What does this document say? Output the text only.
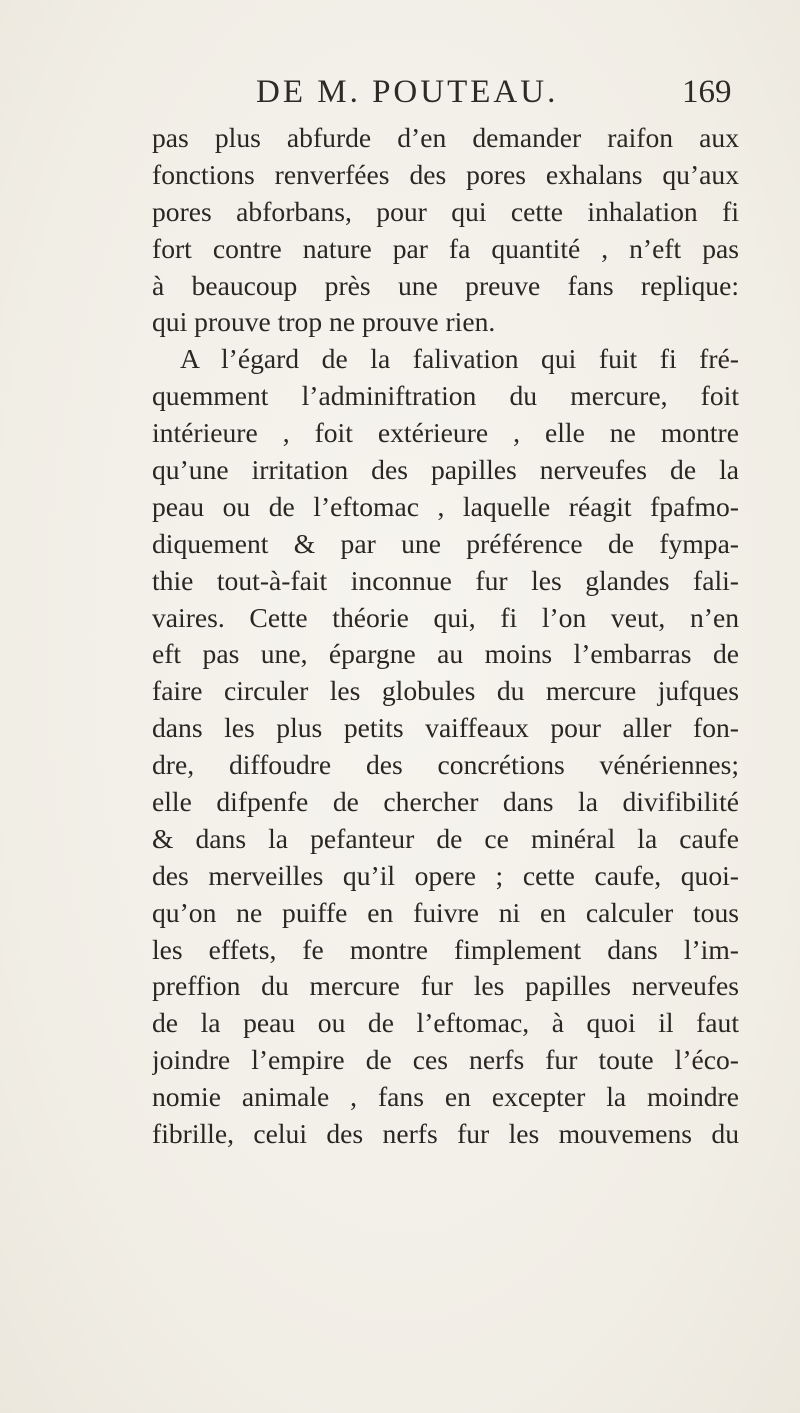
DE M. POUTEAU.	169
pas plus abfurde d’en demander raifon aux
fonctions renverfées des pores exhalans qu’aux
pores abforbans, pour qui cette inhalation fi
fort contre nature par fa quantité , n’eft pas
à beaucoup près une preuve fans replique:
qui prouve trop ne prouve rien.
A l’égard de la falivation qui fuit fi fré-
quemment l’adminiftration du mercure, foit
intérieure , foit extérieure , elle ne montre
qu’une irritation des papilles nerveufes de la
peau ou de l’eftomac , laquelle réagit fpafmo-
diquement & par une préférence de fympa-
thie tout-à-fait inconnue fur les glandes fali-
vaires. Cette théorie qui, fi l’on veut, n’en
eft pas une, épargne au moins l’embarras de
faire circuler les globules du mercure jufques
dans les plus petits vaiffeaux pour aller fon-
dre, diffoudre des concrétions vénériennes;
elle difpenfe de chercher dans la divifibilité
& dans la pefanteur de ce minéral la caufe
des merveilles qu’il opere ; cette caufe, quoi-
qu’on ne puiffe en fuivre ni en calculer tous
les effets, fe montre fimplement dans l’im-
preffion du mercure fur les papilles nerveufes
de la peau ou de l’eftomac, à quoi il faut
joindre l’empire de ces nerfs fur toute l’éco-
nomie animale , fans en excepter la moindre
fibrille, celui des nerfs fur les mouvemens du
